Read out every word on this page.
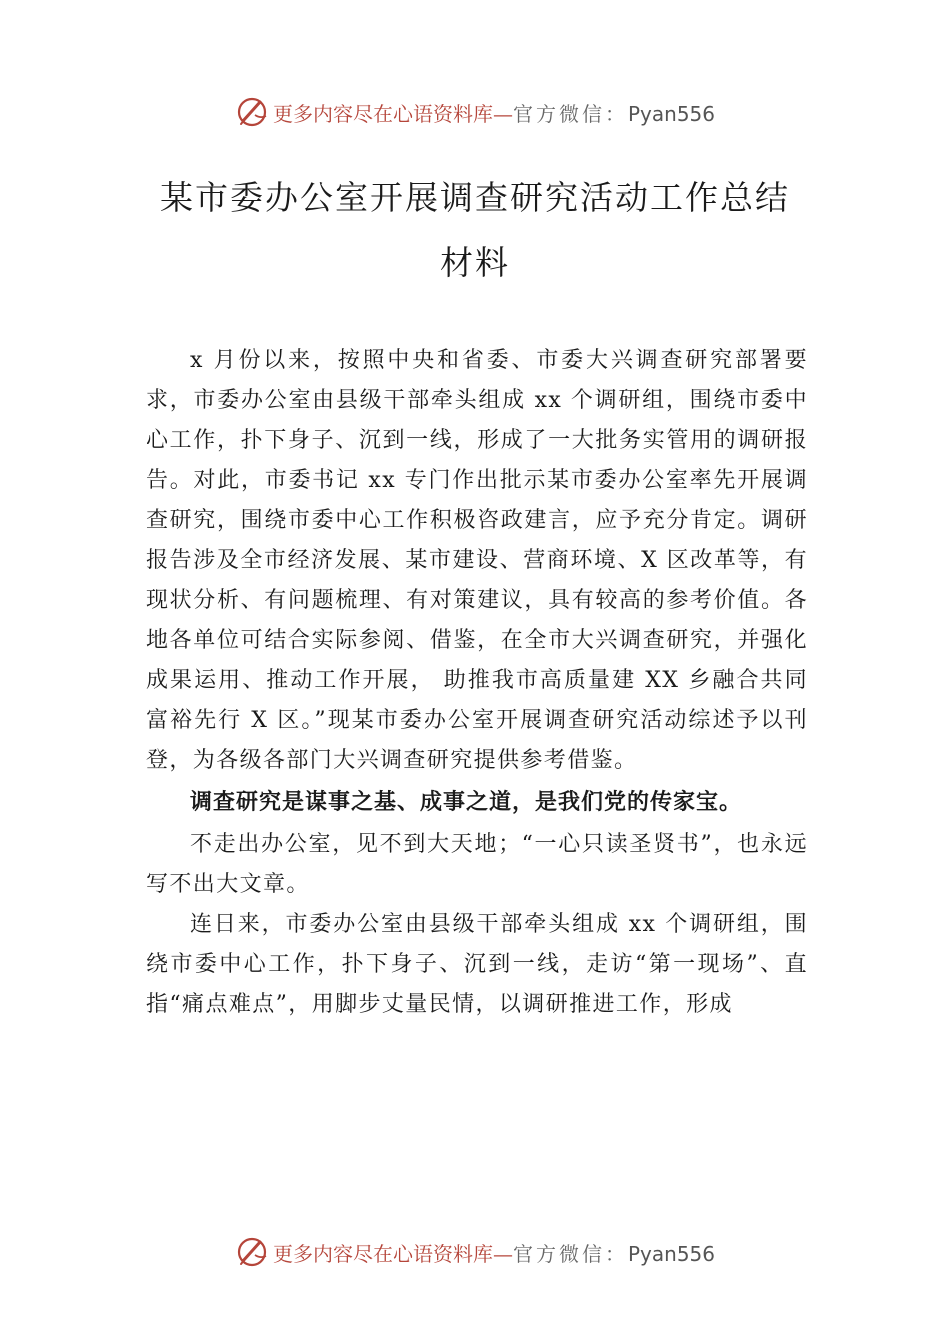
更多内容尽在心语资料库—官方微信：Pyan556
某市委办公室开展调查研究活动工作总结
材料

x 月份以来，按照中央和省委、市委大兴调查研究部署要求，市委办公室由县级干部牵头组成 xx 个调研组，围绕市委中心工作，扑下身子、沉到一线，形成了一大批务实管用的调研报告。对此，市委书记 xx 专门作出批示某市委办公室率先开展调查研究，围绕市委中心工作积极咨政建言，应予充分肯定。调研报告涉及全市经济发展、某市建设、营商环境、X 区改革等，有现状分析、有问题梳理、有对策建议，具有较高的参考价值。各地各单位可结合实际参阅、借鉴，在全市大兴调查研究，并强化成果运用、推动工作开展， 助推我市高质量建 XX 乡融合共同富裕先行 X 区。”现某市委办公室开展调查研究活动综述予以刊登，为各级各部门大兴调查研究提供参考借鉴。

调查研究是谋事之基、成事之道，是我们党的传家宝。

不走出办公室，见不到大天地；“一心只读圣贤书”，也永远写不出大文章。

连日来，市委办公室由县级干部牵头组成 xx 个调研组，围绕市委中心工作，扑下身子、沉到一线，走访“第一现场”、直指“痛点难点”，用脚步丈量民情，以调研推进工作，形成

更多内容尽在心语资料库—官方微信：Pyan556
